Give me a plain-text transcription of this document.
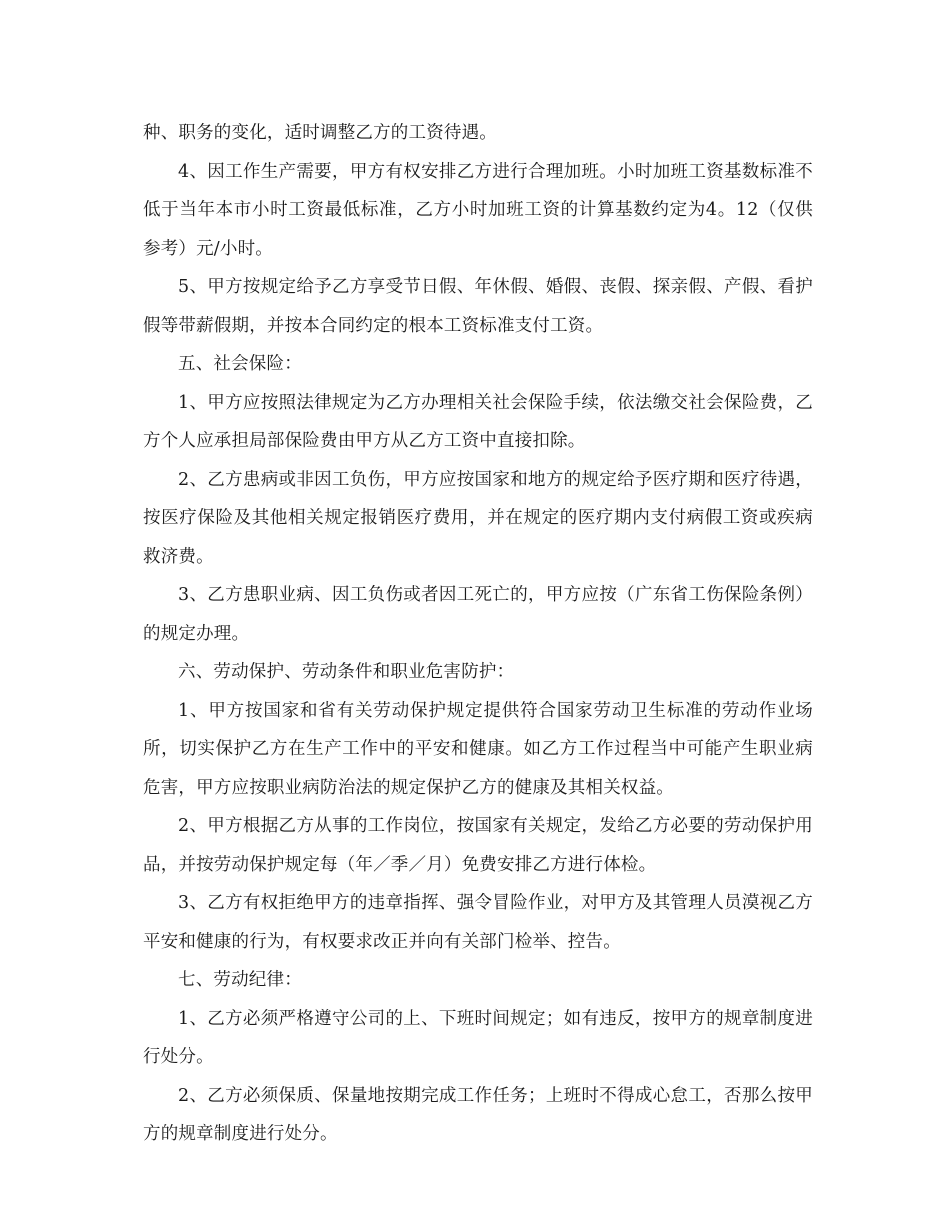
种、职务的变化，适时调整乙方的工资待遇。

4、因工作生产需要，甲方有权安排乙方进行合理加班。小时加班工资基数标准不低于当年本市小时工资最低标准，乙方小时加班工资的计算基数约定为4。12（仅供参考）元/小时。

5、甲方按规定给予乙方享受节日假、年休假、婚假、丧假、探亲假、产假、看护假等带薪假期，并按本合同约定的根本工资标准支付工资。

五、社会保险：

1、甲方应按照法律规定为乙方办理相关社会保险手续，依法缴交社会保险费，乙方个人应承担局部保险费由甲方从乙方工资中直接扣除。

2、乙方患病或非因工负伤，甲方应按国家和地方的规定给予医疗期和医疗待遇，按医疗保险及其他相关规定报销医疗费用，并在规定的医疗期内支付病假工资或疾病救济费。

3、乙方患职业病、因工负伤或者因工死亡的，甲方应按（广东省工伤保险条例）的规定办理。

六、劳动保护、劳动条件和职业危害防护：

1、甲方按国家和省有关劳动保护规定提供符合国家劳动卫生标准的劳动作业场所，切实保护乙方在生产工作中的平安和健康。如乙方工作过程当中可能产生职业病危害，甲方应按职业病防治法的规定保护乙方的健康及其相关权益。

2、甲方根据乙方从事的工作岗位，按国家有关规定，发给乙方必要的劳动保护用品，并按劳动保护规定每（年／季／月）免费安排乙方进行体检。

3、乙方有权拒绝甲方的违章指挥、强令冒险作业，对甲方及其管理人员漠视乙方平安和健康的行为，有权要求改正并向有关部门检举、控告。

七、劳动纪律：

1、乙方必须严格遵守公司的上、下班时间规定；如有违反，按甲方的规章制度进行处分。

2、乙方必须保质、保量地按期完成工作任务；上班时不得成心怠工，否那么按甲方的规章制度进行处分。
